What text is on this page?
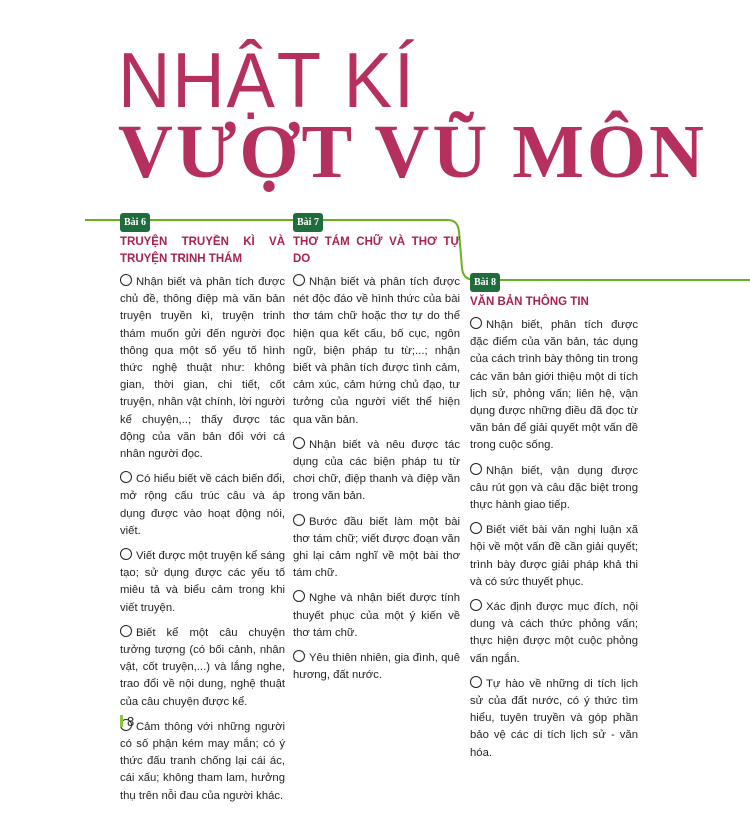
NHẬT KÍ
VƯỢT VŨ MÔN
Bài 6
TRUYỆN TRUYỀN KÌ VÀ TRUYỆN TRINH THÁM
Nhận biết và phân tích được chủ đề, thông điệp mà văn bản truyện truyền kì, truyện trinh thám muốn gửi đến người đọc thông qua một số yếu tố hình thức nghệ thuật như: không gian, thời gian, chi tiết, cốt truyện, nhân vật chính, lời người kể chuyện,..; thấy được tác động của văn bản đối với cá nhân người đọc.
Có hiểu biết về cách biến đổi, mở rộng cấu trúc câu và áp dụng được vào hoạt động nói, viết.
Viết được một truyện kể sáng tạo; sử dụng được các yếu tố miêu tả và biểu cảm trong khi viết truyện.
Biết kể một câu chuyện tưởng tượng (có bối cảnh, nhân vật, cốt truyện,...) và lắng nghe, trao đổi về nội dung, nghệ thuật của câu chuyện được kể.
Cảm thông với những người có số phận kém may mắn; có ý thức đấu tranh chống lại cái ác, cái xấu; không tham lam, hưởng thụ trên nỗi đau của người khác.
Bài 7
THƠ TÁM CHỮ VÀ THƠ TỰ DO
Nhận biết và phân tích được nét độc đáo về hình thức của bài thơ tám chữ hoặc thơ tự do thể hiện qua kết cấu, bố cục, ngôn ngữ, biện pháp tu từ;...; nhận biết và phân tích được tình cảm, cảm xúc, cảm hứng chủ đạo, tư tưởng của người viết thể hiện qua văn bản.
Nhận biết và nêu được tác dụng của các biện pháp tu từ chơi chữ, điệp thanh và điệp vần trong văn bản.
Bước đầu biết làm một bài thơ tám chữ; viết được đoạn văn ghi lại cảm nghĩ về một bài thơ tám chữ.
Nghe và nhận biết được tính thuyết phục của một ý kiến về thơ tám chữ.
Yêu thiên nhiên, gia đình, quê hương, đất nước.
Bài 8
VĂN BẢN THÔNG TIN
Nhận biết, phân tích được đặc điểm của văn bản, tác dụng của cách trình bày thông tin trong các văn bản giới thiệu một di tích lịch sử, phỏng vấn; liên hệ, vận dụng được những điều đã đọc từ văn bản để giải quyết một vấn đề trong cuộc sống.
Nhận biết, vận dụng được câu rút gọn và câu đặc biệt trong thực hành giao tiếp.
Biết viết bài văn nghị luận xã hội về một vấn đề cần giải quyết; trình bày được giải pháp khả thi và có sức thuyết phục.
Xác định được mục đích, nội dung và cách thức phỏng vấn; thực hiện được một cuộc phỏng vấn ngắn.
Tự hào về những di tích lịch sử của đất nước, có ý thức tìm hiểu, tuyên truyền và góp phần bảo vệ các di tích lịch sử - văn hóa.
8
